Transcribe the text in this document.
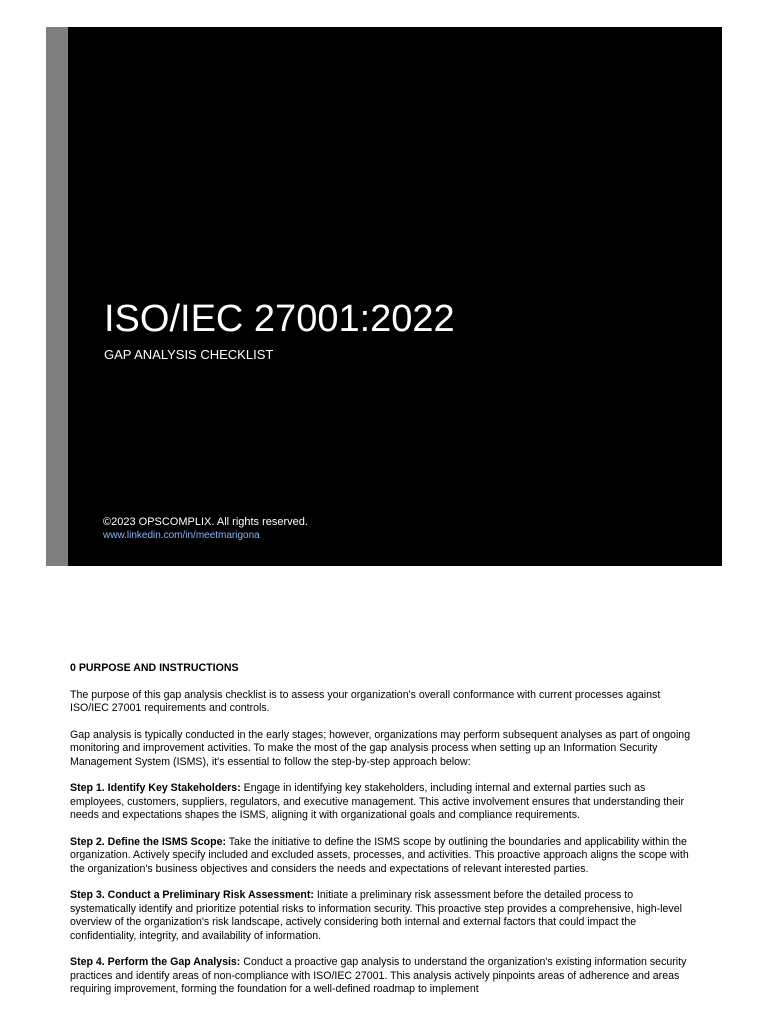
ISO/IEC 27001:2022
GAP ANALYSIS CHECKLIST
©2023 OPSCOMPLIX. All rights reserved.
www.linkedin.com/in/meetmarigona
0 PURPOSE AND INSTRUCTIONS

The purpose of this gap analysis checklist is to assess your organization's overall conformance with current processes against ISO/IEC 27001 requirements and controls.

Gap analysis is typically conducted in the early stages; however, organizations may perform subsequent analyses as part of ongoing monitoring and improvement activities. To make the most of the gap analysis process when setting up an Information Security Management System (ISMS), it's essential to follow the step-by-step approach below:

Step 1. Identify Key Stakeholders: Engage in identifying key stakeholders, including internal and external parties such as employees, customers, suppliers, regulators, and executive management. This active involvement ensures that understanding their needs and expectations shapes the ISMS, aligning it with organizational goals and compliance requirements.

Step 2. Define the ISMS Scope: Take the initiative to define the ISMS scope by outlining the boundaries and applicability within the organization. Actively specify included and excluded assets, processes, and activities. This proactive approach aligns the scope with the organization's business objectives and considers the needs and expectations of relevant interested parties.

Step 3. Conduct a Preliminary Risk Assessment: Initiate a preliminary risk assessment before the detailed process to systematically identify and prioritize potential risks to information security. This proactive step provides a comprehensive, high-level overview of the organization's risk landscape, actively considering both internal and external factors that could impact the confidentiality, integrity, and availability of information.

Step 4. Perform the Gap Analysis: Conduct a proactive gap analysis to understand the organization's existing information security practices and identify areas of non-compliance with ISO/IEC 27001. This analysis actively pinpoints areas of adherence and areas requiring improvement, forming the foundation for a well-defined roadmap to implement
